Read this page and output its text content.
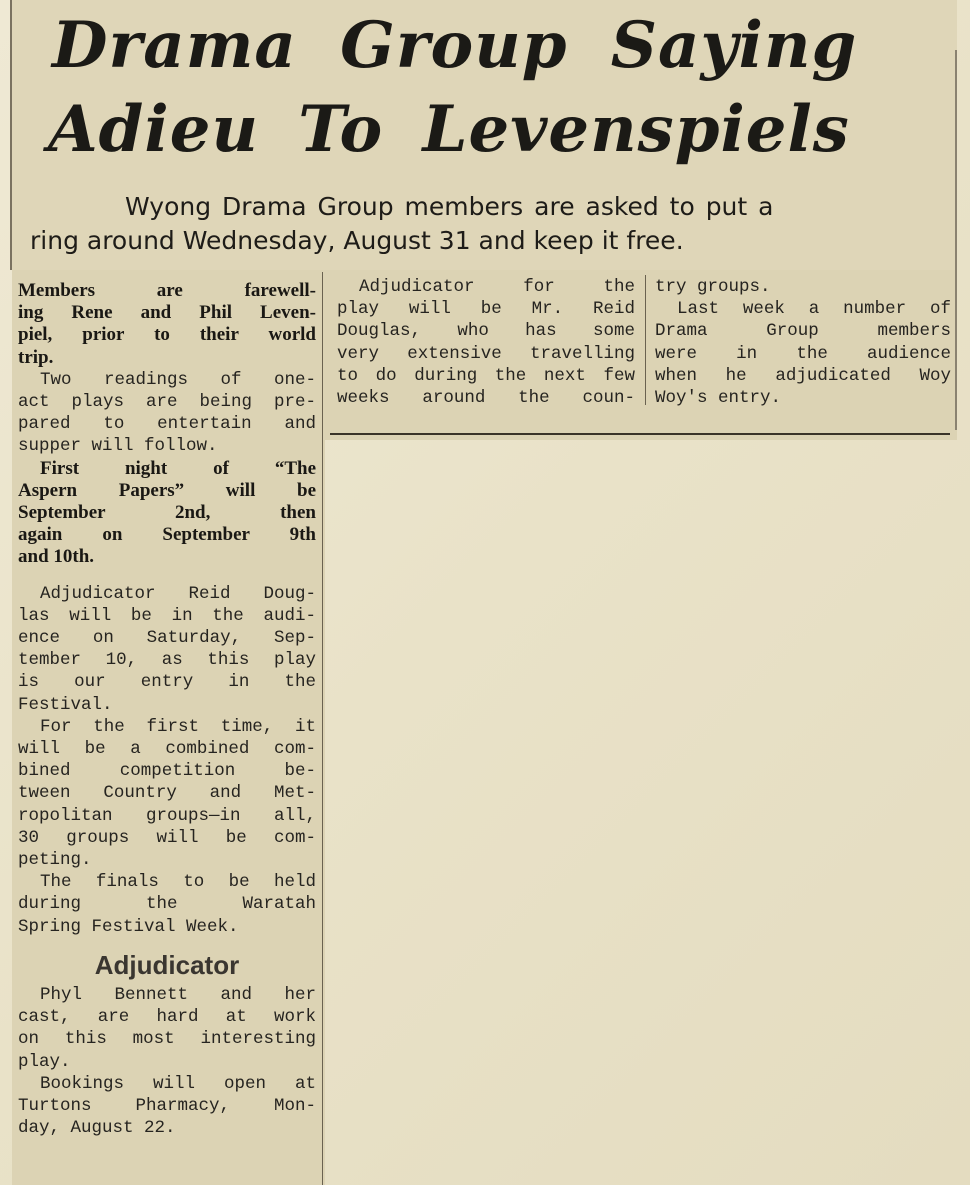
Drama Group Saying
Adieu To Levenspiels
Wyong Drama Group members are asked to put a
ring around Wednesday, August 31 and keep it free.

Members are farewell-
ing Rene and Phil Leven-
piel, prior to their world
trip.

Two readings of one-
act plays are being pre-
pared to entertain and
supper will follow.

First night of “The
Aspern Papers” will be
September 2nd, then
again on September 9th
and 10th.

Adjudicator Reid Doug-
las will be in the audi-
ence on Saturday, Sep-
tember 10, as this play
is our entry in the
Festival.

For the first time, it
will be a combined com-
bined competition be-
tween Country and Met-
ropolitan groups—in all,
30 groups will be com-
peting.

The finals to be held
during the Waratah
Spring Festival Week.

Adjudicator

Phyl Bennett and her
cast, are hard at work
on this most interesting
play.

Bookings will open at
Turtons Pharmacy, Mon-
day, August 22.

Adjudicator for the
play will be Mr. Reid
Douglas, who has some
very extensive travelling
to do during the next few
weeks around the coun-

try groups.

Last week a number of
Drama Group members
were in the audience
when he adjudicated Woy
Woy's entry.
